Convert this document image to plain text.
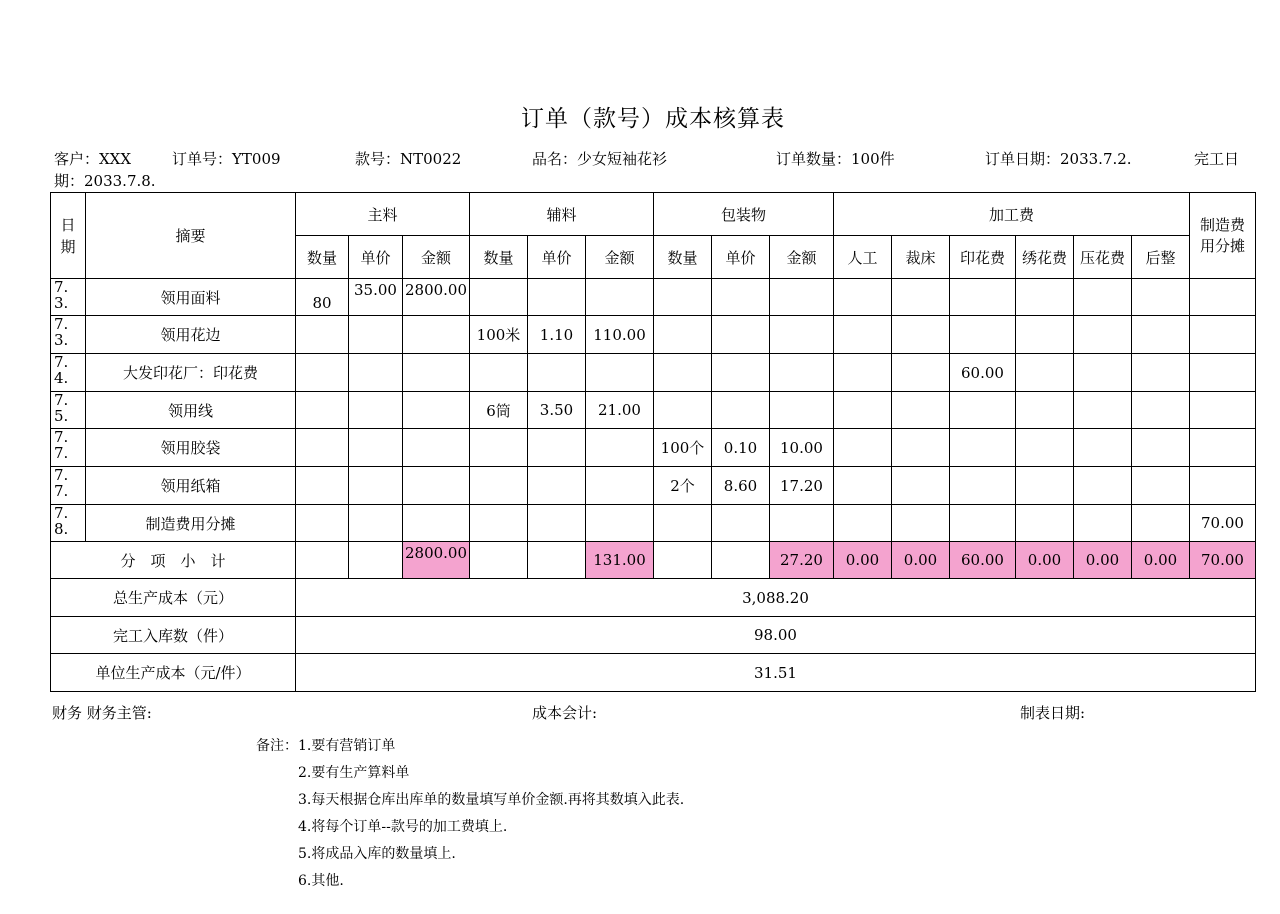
订单（款号）成本核算表
客户：XXX	订单号：YT009	款号：NT0022	品名：少女短袖花衫	订单数量：100件	订单日期：2033.7.2.	完工日
期：2033.7.8.
日期	摘要	主料			辅料			包装物			加工费						制造费用分摊

		数量	单价	金额	数量	单价	金额	数量	单价	金额	人工	裁床	印花费	绣花费	压花费	后整	

7.3.	领用面料	80	35.00	2800.00													

7.3.	领用花边				100米	1.10	110.00										

7.4.	大发印花厂：印花费												60.00				

7.5.	领用线				6筒	3.50	21.00										

7.7.	领用胶袋							100个	0.10	10.00							

7.7.	领用纸箱							2个	8.60	17.20							

7.8.	制造费用分摊																70.00
分　项　小　计				2800.00			131.00			27.20	0.00	0.00	60.00	0.00	0.00	0.00	70.00
总生产成本（元）		3,088.20															
完工入库数（件）		98.00															
单位生产成本（元/件）		31.51															
财务 财务主管:	成本会计:	制表日期:
备注：1.要有营销订单
2.要有生产算料单
3.每天根据仓库出库单的数量填写单价金额.再将其数填入此表.
4.将每个订单--款号的加工费填上.
5.将成品入库的数量填上.
6.其他.
